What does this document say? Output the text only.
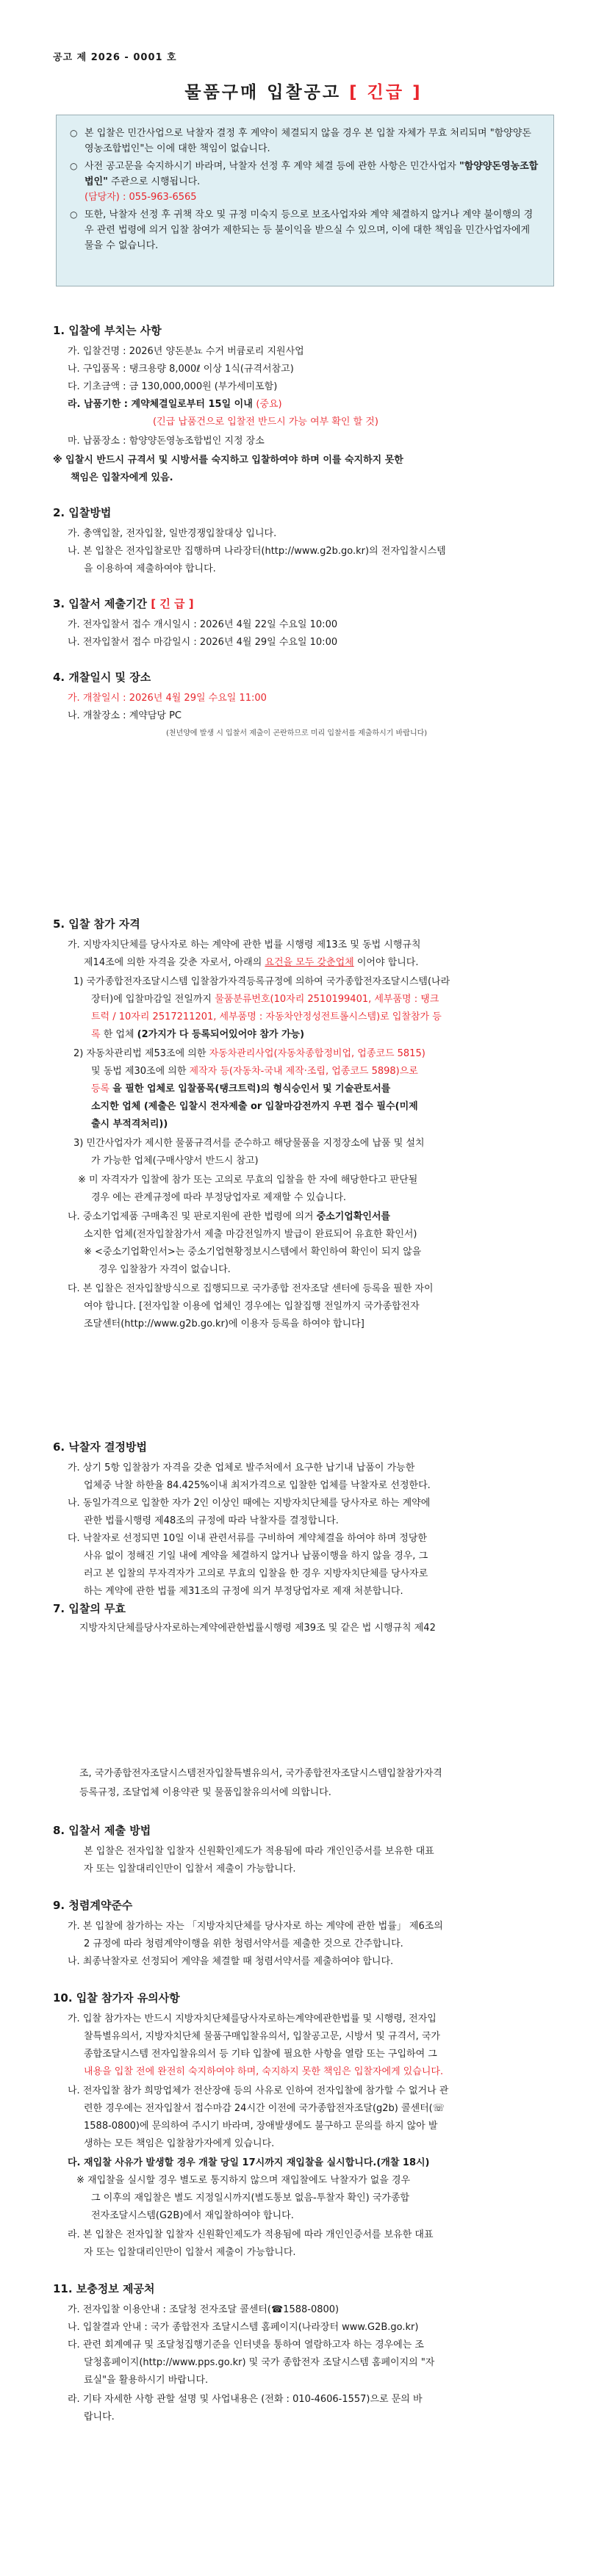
공고 제 2026 - 0001 호
물품구매 입찰공고 [ 긴급 ]
○ 본 입찰은 민간사업으로 낙찰자 결정 후 계약이 체결되지 않을 경우 본 입찰 자체가 무효 처리되며 "함양양돈영농조합법인"는 이에 대한 책임이 없습니다.
○ 사전 공고문을 숙지하시기 바라며, 낙찰자 선정 후 계약 체결 등에 관한 사항은 민간사업자 "함양양돈영농조합법인" 주관으로 시행됩니다.
(담당자) : 055-963-6565
○ 또한, 낙찰자 선정 후 귀책 작오 및 규정 미숙지 등으로 보조사업자와 계약 체결하지 않거나 계약 불이행의 경우 관련 법령에 의거 입찰 참여가 제한되는 등 불이익을 받으실 수 있으며, 이에 대한 책임을 민간사업자에게 물을 수 없습니다.
1. 입찰에 부치는 사항
가. 입찰건명 : 2026년 양돈분뇨 수거 버큠로리 지원사업
나. 구입품목 : 탱크용량 8,000ℓ 이상 1식(규격서참고)
다. 기초금액 : 금 130,000,000원 (부가세미포함)
라. 납품기한 : 계약체결일로부터 15일 이내 (중요)
(긴급 납품건으로 입찰전 반드시 가능 여부 확인 할 것)
마. 납품장소 : 함양양돈영농조합법인 지정 장소
※ 입찰시 반드시 규격서 및 시방서를 숙지하고 입찰하여야 하며 이를 숙지하지 못한
책임은 입찰자에게 있음.
2. 입찰방법
가. 총액입찰, 전자입찰, 일반경쟁입찰대상 입니다.
나. 본 입찰은 전자입찰로만 집행하며 나라장터(http://www.g2b.go.kr)의 전자입찰시스템
을 이용하여 제출하여야 합니다.
3. 입찰서 제출기간 [ 긴 급 ]
가. 전자입찰서 접수 개시일시 : 2026년 4월 22일 수요일 10:00
나. 전자입찰서 접수 마감일시 : 2026년 4월 29일 수요일 10:00
4. 개찰일시 및 장소
가. 개찰일시 : 2026년 4월 29일 수요일 11:00
나. 개찰장소 : 계약담당 PC
(천년양에 발생 시 입찰서 제출이 곤란하므로 미리 입찰서를 제출하시기 바랍니다)
5. 입찰 참가 자격
가. 지방자치단체를 당사자로 하는 계약에 관한 법률 시행령 제13조 및 동법 시행규칙
제14조에 의한 자격을 갖춘 자로서, 아래의 요건을 모두 갖춘업체 이어야 합니다.
1) 국가종합전자조달시스템 입찰참가자격등록규정에 의하여 국가종합전자조달시스템(나라
장터)에 입찰마감일 전일까지 물품분류번호(10자리 2510199401, 세부품명 : 탱크
트럭 / 10자리 2517211201, 세부품명 : 자동차안정성전트롤시스템)로 입찰참가 등
록 한 업체 (2가지가 다 등록되어있어야 참가 가능)
2) 자동차관리법 제53조에 의한 자동차관리사업(자동차종합정비업, 업종코드 5815)
및 동법 제30조에 의한 제작자 등(자동차-국내 제작·조립, 업종코드 5898)으로
등록 을 필한 업체로 입찰품목(탱크트럭)의 형식승인서 및 기술관토서를
소지한 업체 (제출은 입찰시 전자제출 or 입찰마감전까지 우편 접수 필수(미제
출시 부적격처리))
3) 민간사업자가 제시한 물품규격서를 준수하고 해당물품을 지정장소에 납품 및 설치
가 가능한 업체(구매사양서 반드시 참고)
※ 미 자격자가 입찰에 참가 또는 고의로 무효의 입찰을 한 자에 해당한다고 판단될
경우 에는 관계규정에 따라 부정당업자로 제재할 수 있습니다.
나. 중소기업제품 구매촉진 및 판로지원에 관한 법령에 의거 중소기업확인서를
소지한 업체(전자입찰참가서 제출 마감전일까지 발급이 완료되어 유효한 확인서)
※ <중소기업확인서>는 중소기업현황정보시스템에서 확인하여 확인이 되지 않을
경우 입찰참가 자격이 없습니다.
다. 본 입찰은 전자입찰방식으로 집행되므로 국가종합 전자조달 센터에 등록을 필한 자이
여야 합니다. [전자입찰 이용에 업체인 경우에는 입찰집행 전일까지 국가종합전자
조달센터(http://www.g2b.go.kr)에 이용자 등록을 하여야 합니다]
6. 낙찰자 결정방법
가. 상기 5항 입찰참가 자격을 갖춘 업체로 발주처에서 요구한 납기내 납품이 가능한
업체중 낙찰 하한율 84.425%이내 최저가격으로 입찰한 업체를 낙찰자로 선정한다.
나. 동일가격으로 입찰한 자가 2인 이상인 때에는 지방자치단체를 당사자로 하는 계약에
관한 법률시행령 제48조의 규정에 따라 낙찰자를 결정합니다.
다. 낙찰자로 선정되면 10일 이내 관련서류를 구비하여 계약체결을 하여야 하며 정당한
사유 없이 정해진 기일 내에 계약을 체결하지 않거나 납품이행을 하지 않을 경우, 그
러고 본 입찰의 무자격자가 고의로 무효의 입찰을 한 경우 지방자치단체를 당사자로
하는 계약에 관한 법률 제31조의 규정에 의거 부정당업자로 제재 처분합니다.
7. 입찰의 무효
지방자치단체를당사자로하는계약에관한법률시행령 제39조 및 같은 법 시행규칙 제42
조, 국가종합전자조달시스템전자입찰특별유의서, 국가종합전자조달시스템입찰참가자격
등록규정, 조달업체 이용약관 및 물품입찰유의서에 의합니다.
8. 입찰서 제출 방법
본 입찰은 전자입찰 입찰자 신원확인제도가 적용됨에 따라 개인인증서를 보유한 대표
자 또는 입찰대리인만이 입찰서 제출이 가능합니다.
9. 청렴계약준수
가. 본 입찰에 참가하는 자는 「지방자치단체를 당사자로 하는 계약에 관한 법률」 제6조의
2 규정에 따라 청렴계약이행을 위한 청렴서약서를 제출한 것으로 간주합니다.
나. 최종낙찰자로 선정되어 계약을 체결할 때 청렴서약서를 제출하여야 합니다.
10. 입찰 참가자 유의사항
가. 입찰 참가자는 반드시 지방자치단체를당사자로하는계약에관한법률 및 시행령, 전자입
찰특별유의서, 지방자치단체 물품구매입찰유의서, 입찰공고문, 시방서 및 규격서, 국가
종합조달시스템 전자입찰유의서 등 기타 입찰에 필요한 사항을 열람 또는 구입하여 그
내용을 입찰 전에 완전히 숙지하여야 하며, 숙지하지 못한 책임은 입찰자에게 있습니다.
나. 전자입찰 참가 희망업체가 전산장애 등의 사유로 인하여 전자입찰에 참가할 수 없거나 관
련한 경우에는 전자입찰서 접수마감 24시간 이전에 국가종합전자조달(g2b) 콜센터(☏
1588-0800)에 문의하여 주시기 바라며, 장애발생에도 불구하고 문의를 하지 않아 발
생하는 모든 책임은 입찰참가자에게 있습니다.
다. 재입찰 사유가 발생할 경우 개찰 당일 17시까지 재입찰을 실시합니다.(개찰 18시)
※ 재입찰을 실시할 경우 별도로 통지하지 않으며 재입찰에도 낙찰자가 없을 경우
그 이후의 재입찰은 별도 지정일시까지(별도통보 없음-투찰자 확인) 국가종합
전자조달시스템(G2B)에서 재입찰하여야 합니다.
라. 본 입찰은 전자입찰 입찰자 신원확인제도가 적용됨에 따라 개인인증서를 보유한 대표
자 또는 입찰대리인만이 입찰서 제출이 가능합니다.
11. 보충정보 제공처
가. 전자입찰 이용안내 : 조달청 전자조달 콜센터(☎1588-0800)
나. 입찰결과 안내 : 국가 종합전자 조달시스템 홈페이지(나라장터 www.G2B.go.kr)
다. 관련 회계예규 및 조달청집행기준을 인터넷을 통하여 열람하고자 하는 경우에는 조
달청홈페이지(http://www.pps.go.kr) 및 국가 종합전자 조달시스템 홈페이지의 "자
료실"을 활용하시기 바랍니다.
라. 기타 자세한 사항 관할 설명 및 사업내용은 (전화 : 010-4606-1557)으로 문의 바
랍니다.
